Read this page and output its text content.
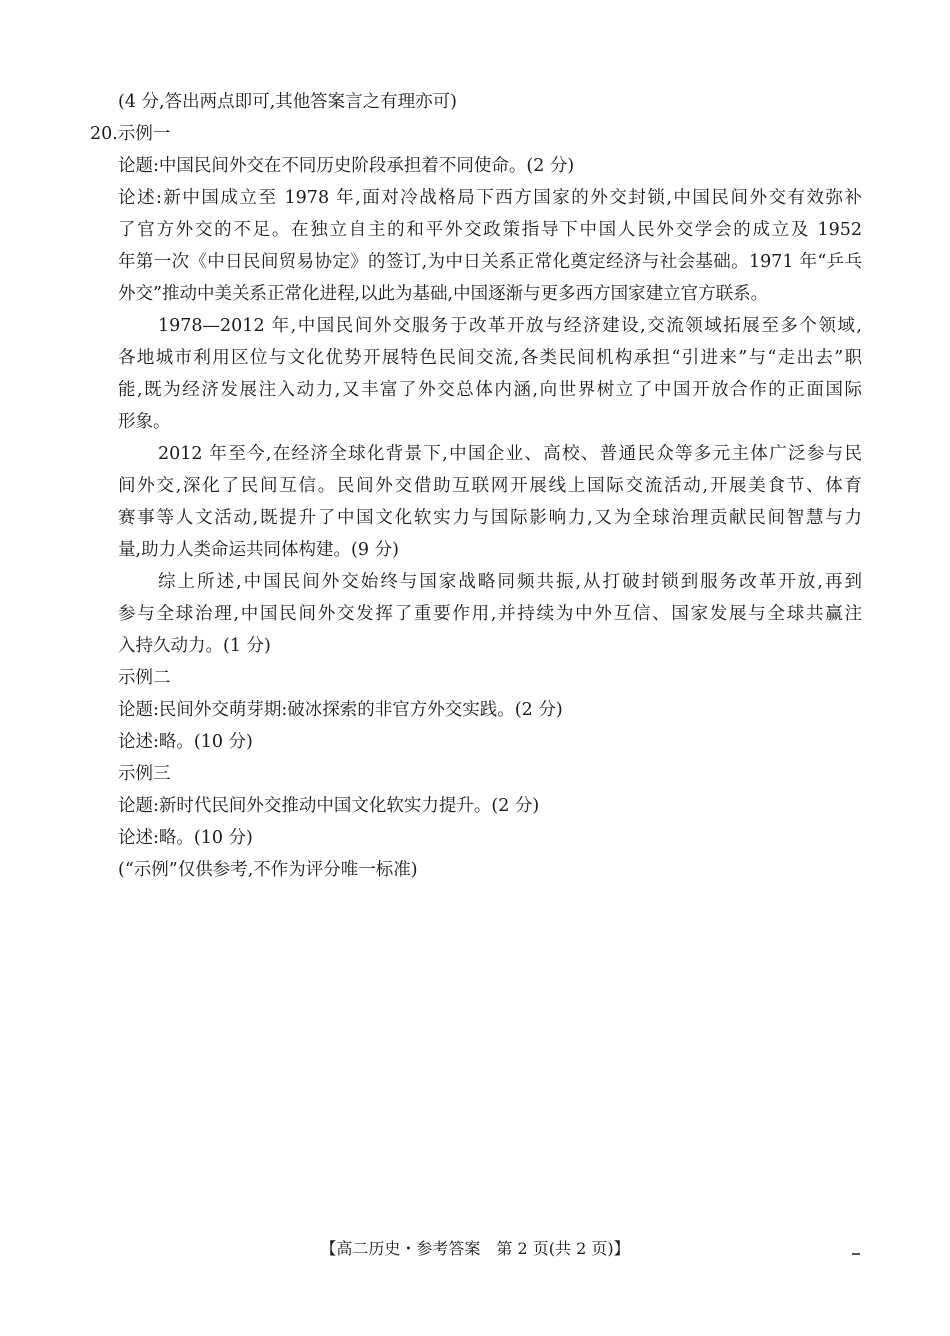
(4 分,答出两点即可,其他答案言之有理亦可)
20.示例一
论题:中国民间外交在不同历史阶段承担着不同使命。(2 分)
论述:新中国成立至 1978 年,面对冷战格局下西方国家的外交封锁,中国民间外交有效弥补
了官方外交的不足。在独立自主的和平外交政策指导下中国人民外交学会的成立及 1952
年第一次《中日民间贸易协定》的签订,为中日关系正常化奠定经济与社会基础。1971 年“乒乓
外交”推动中美关系正常化进程,以此为基础,中国逐渐与更多西方国家建立官方联系。
1978—2012 年,中国民间外交服务于改革开放与经济建设,交流领域拓展至多个领域,
各地城市利用区位与文化优势开展特色民间交流,各类民间机构承担“引进来”与“走出去”职
能,既为经济发展注入动力,又丰富了外交总体内涵,向世界树立了中国开放合作的正面国际
形象。
2012 年至今,在经济全球化背景下,中国企业、高校、普通民众等多元主体广泛参与民
间外交,深化了民间互信。民间外交借助互联网开展线上国际交流活动,开展美食节、体育
赛事等人文活动,既提升了中国文化软实力与国际影响力,又为全球治理贡献民间智慧与力
量,助力人类命运共同体构建。(9 分)
综上所述,中国民间外交始终与国家战略同频共振,从打破封锁到服务改革开放,再到
参与全球治理,中国民间外交发挥了重要作用,并持续为中外互信、国家发展与全球共赢注
入持久动力。(1 分)
示例二
论题:民间外交萌芽期:破冰探索的非官方外交实践。(2 分)
论述:略。(10 分)
示例三
论题:新时代民间外交推动中国文化软实力提升。(2 分)
论述:略。(10 分)
(“示例”仅供参考,不作为评分唯一标准)
【高二历史・参考答案　第 2 页(共 2 页)】
